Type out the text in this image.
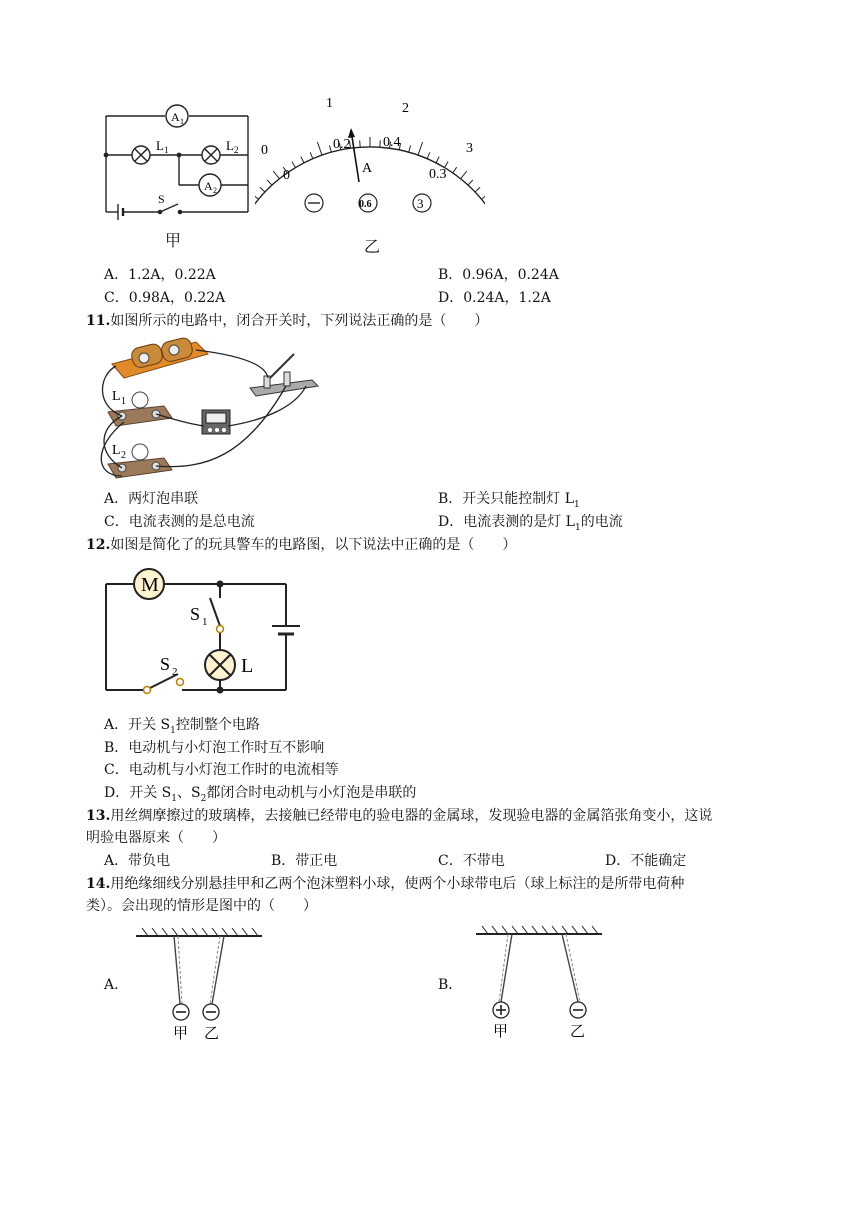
A 1
L 1	L 2
A 2
S
甲
0
1	2
3
0
0.2 0.4
0.3
A
0.6	3
乙
A．1.2A，0.22A	B．0.96A，0.24A
C．0.98A，0.22A	D．0.24A，1.2A
11.如图所示的电路中，闭合开关时，下列说法正确的是（　　）
L 1
L 2
A．两灯泡串联	B．开关只能控制灯 $L_1$
C．电流表测的是总电流	D．电流表测的是灯 $L_1$的电流
12.如图是简化了的玩具警车的电路图，以下说法中正确的是（　　）
M
S 1
S 2	L
A．开关 $S_1$控制整个电路
B．电动机与小灯泡工作时互不影响
C．电动机与小灯泡工作时的电流相等
D．开关 $S_1$、$S_2$都闭合时电动机与小灯泡是串联的
13.用丝绸摩擦过的玻璃棒，去接触已经带电的验电器的金属球，发现验电器的金属箔张角变小，这说
明验电器原来（　　）
A．带负电	B．带正电	C．不带电	D．不能确定
14.用绝缘细线分别悬挂甲和乙两个泡沫塑料小球，使两个小球带电后（球上标注的是所带电荷种
类）。会出现的情形是图中的（　　）
A．
甲 乙
B．
甲	乙
